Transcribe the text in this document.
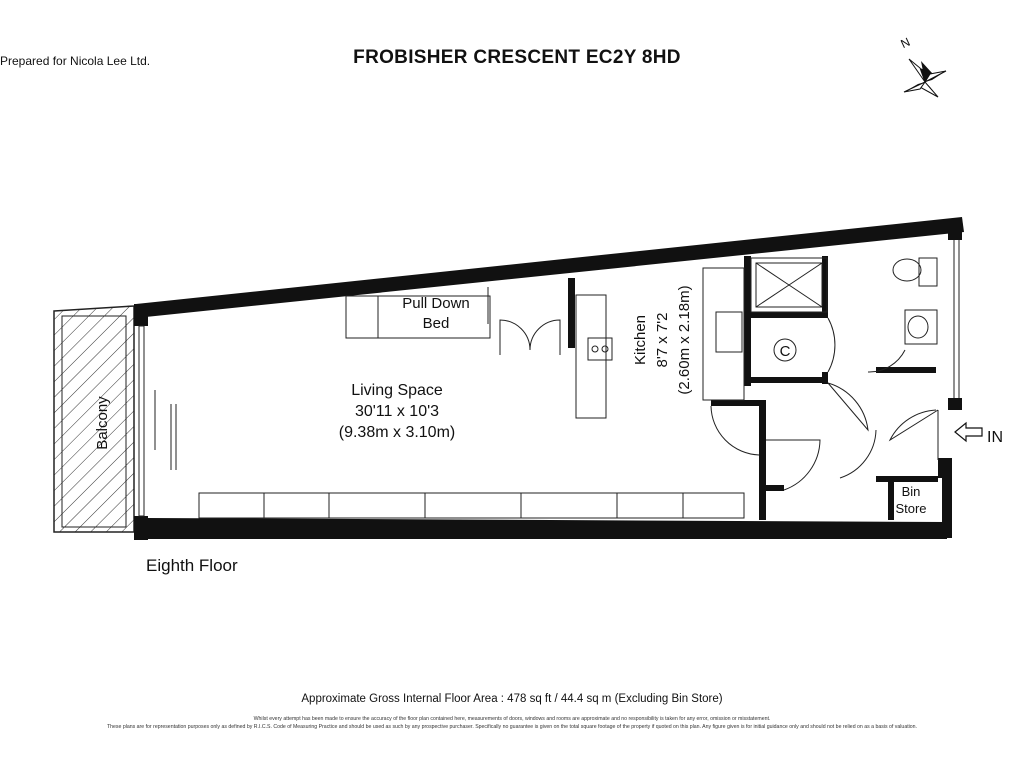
Prepared for Nicola Lee Ltd.	FROBISHER CRESCENT EC2Y 8HD
N
Living Space
30'11 x 10'3
(9.38m x 3.10m)
Pull Down
Bed	Kitchen 8'7 x 7'2 (2.60m x 2.18m)
Balcony
Bin
Store
C
IN
Eighth Floor
Approximate Gross Internal Floor Area : 478 sq ft / 44.4 sq m (Excluding Bin Store)
Whilst every attempt has been made to ensure the accuracy of the floor plan contained here, measurements of doors, windows and rooms are approximate and no responsibility is taken for any error, omission or misstatement.
These plans are for representation purposes only as defined by R.I.C.S. Code of Measuring Practice and should be used as such by any prospective purchaser. Specifically no guarantee is given on the total square footage of the property if quoted on this plan. Any figure given is for initial guidance only and should not be relied on as a basis of valuation.
